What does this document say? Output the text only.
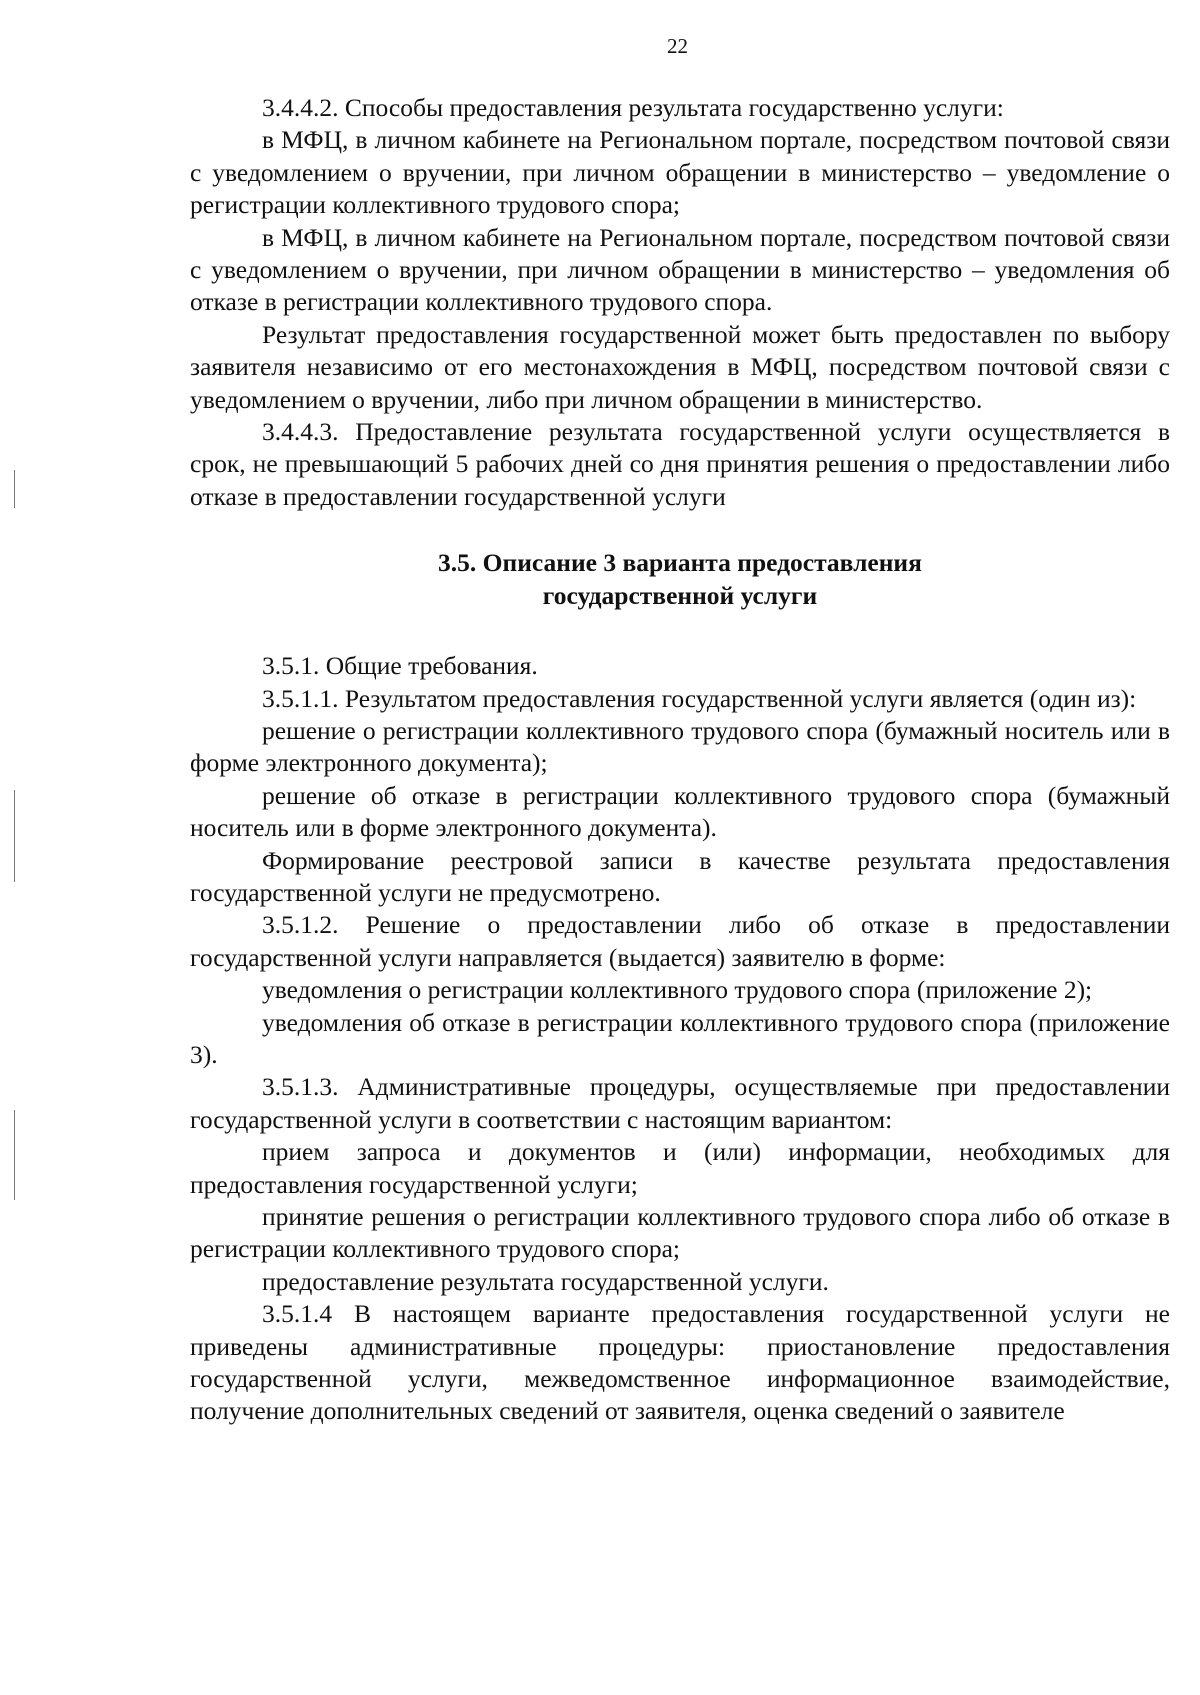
22

3.4.4.2. Способы предоставления результата государственно услуги:

в МФЦ, в личном кабинете на Региональном портале, посредством почтовой связи с уведомлением о вручении, при личном обращении в министерство – уведомление о регистрации коллективного трудового спора;

в МФЦ, в личном кабинете на Региональном портале, посредством почтовой связи с уведомлением о вручении, при личном обращении в министерство – уведомления об отказе в регистрации коллективного трудового спора.

Результат предоставления государственной может быть предоставлен по выбору заявителя независимо от его местонахождения в МФЦ, посредством почтовой связи с уведомлением о вручении, либо при личном обращении в министерство.

3.4.4.3. Предоставление результата государственной услуги осуществляется в срок, не превышающий 5 рабочих дней со дня принятия решения о предоставлении либо отказе в предоставлении государственной услуги

3.5. Описание 3 варианта предоставления
государственной услуги

3.5.1. Общие требования.

3.5.1.1. Результатом предоставления государственной услуги является (один из):

решение о регистрации коллективного трудового спора (бумажный носитель или в форме электронного документа);

решение об отказе в регистрации коллективного трудового спора (бумажный носитель или в форме электронного документа).

Формирование реестровой записи в качестве результата предоставления государственной услуги не предусмотрено.

3.5.1.2. Решение о предоставлении либо об отказе в предоставлении государственной услуги направляется (выдается) заявителю в форме:

уведомления о регистрации коллективного трудового спора (приложение 2);

уведомления об отказе в регистрации коллективного трудового спора (приложение 3).

3.5.1.3. Административные процедуры, осуществляемые при предоставлении государственной услуги в соответствии с настоящим вариантом:

прием запроса и документов и (или) информации, необходимых для предоставления государственной услуги;

принятие решения о регистрации коллективного трудового спора либо об отказе в регистрации коллективного трудового спора;

предоставление результата государственной услуги.

3.5.1.4 В настоящем варианте предоставления государственной услуги не приведены административные процедуры: приостановление предоставления государственной услуги, межведомственное информационное взаимодействие, получение дополнительных сведений от заявителя, оценка сведений о заявителе
